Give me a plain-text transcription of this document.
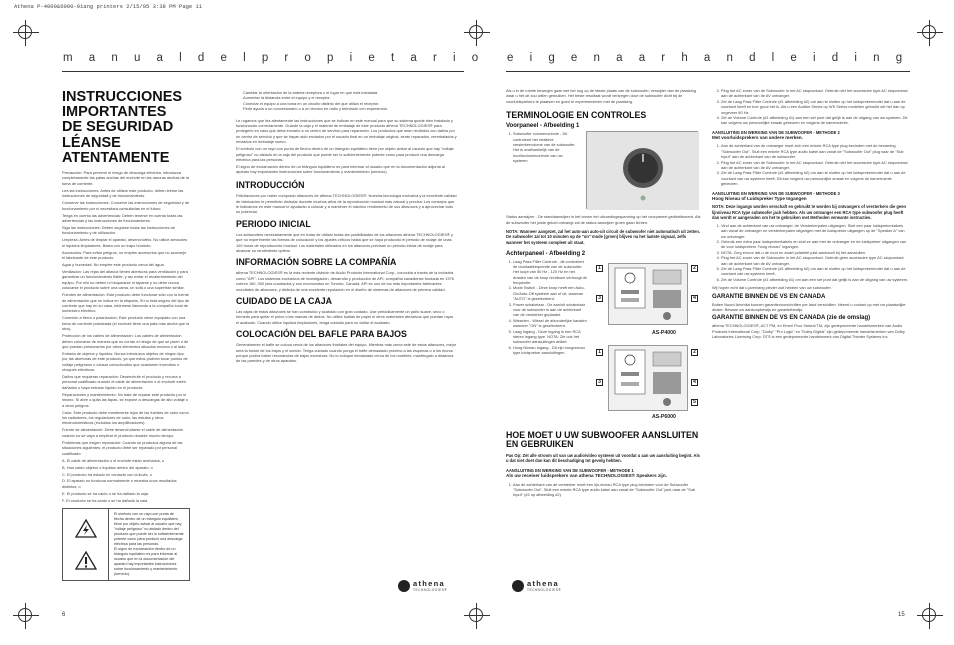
Athena P-4000&6000-91ang printers 2/15/05 3:38 PM Page 11
m a n u a l d e l p r o p i e t a r i o
INSTRUCCIONES IMPORTANTES DE SEGURIDAD LÉANSE ATENTAMENTE

Precaución: Para prevenir el riesgo de descarga eléctrica, introduzca completamente las patas anchas del enchufe en las ranuras anchas de la toma de corriente.

Lea las instrucciones: Antes de utilizar este producto, deben leerse las instrucciones de seguridad y de funcionamiento.

Conserve las instrucciones: Conserve las instrucciones de seguridad y de funcionamiento por si necesitara consultarlas en el futuro.

Tenga en cuenta las advertencias: Deben tenerse en cuenta todas las advertencias y las instrucciones de funcionamiento.

Siga las instrucciones: Deben seguirse todas las instrucciones de funcionamiento y de utilización.

Limpieza: Antes de limpiar el aparato, desenchúfelo. No utilice aerosoles ni líquidos limpiadores. Basta con un trapo húmedo.

Accesorios: Para evitar peligros, no emplee accesorios que no aconseje el fabricante de este producto.

Agua y humedad: No emplee este producto cerca del agua.

Ventilación: Las rejas del altavoz tienen aberturas para ventilación y para garantizar un funcionamiento fiable, y así evitar el recalentamiento del equipo. Por ello no deben ni bloquearse ni taparse y no debe nunca colocarse el producto sobre una cama, un sofá o una superficie similar.

Fuentes de alimentación: Este producto debe funcionar sólo con la fuente de alimentación que se indica en la etiqueta. Si no está seguro del tipo de corriente que hay en su casa, infórmese llamando a la compañía local de suministro eléctrico.

Conexión a tierra o polarización: Este producto viene equipado con una toma de corriente polarizada (el enchufe tiene una pata más ancha que la otra).

Protección de los cables de alimentación: Los cables de alimentación deben colocarse de manera que no corran el riesgo de que se pisen o de que puedan presionarlos por otros elementos situados encima o al lado.

Entrada de objetos y líquidos: Nunca introduzca objetos de ningún tipo por las aberturas de este producto, ya que estos podrían tocar puntos de voltaje peligrosos o causar cortocircuitos que ocasionen incendios o choques eléctricos.

Daños que requieran reparación: Desenchufe el producto y recurra a personal cualificado cuando el cable de alimentación o el enchufe estén dañados o haya entrado líquido en el producto.

Reparaciones y mantenimiento: No trate de reparar este producto por sí mismo. Si abre o quita las tapas, se expone a descargas de alto voltaje o a otros peligros.

Calor: Este producto debe mantenerse lejos de las fuentes de calor como los radiadores, los reguladores de calor, las estufas y otros electrodomésticos (incluidos los amplificadores).

Fuente de alimentación: Debe desenchufarse el cable de alimentación cuando no se vaya a emplear el producto durante mucho tiempo.

Problemas que exigen reparación: Cuando se produzca alguna de las situaciones siguientes, el producto debe ser reparado por personal cualificado:

A. El cable de alimentación o el enchufe están averiados, o

B. Han caído objetos o líquidos dentro del aparato, o

C. El producto ha estado en contacto con la lluvia, o

D. El aparato no funciona normalmente o muestra unos resultados distintos, o

E. El producto se ha caído o se ha dañado la caja.

F. El producto se ha caído o se ha dañado la caja.

El símbolo con un rayo con punta de flecha dentro de un triángulo equilátero tiene por objeto avisar al usuario que hay "voltaje peligroso" no aislado dentro del producto que puede ser lo suficientemente potente como para producir una descarga eléctrica para las personas.
El signo de exclamación dentro de un triángulo equilátero es para informar al usuario que en la documentación del aparato hay importantes instrucciones sobre funcionamiento y mantenimiento (servicio).
• Cambiar la orientación de la antena receptora o el lugar en que está instalada.
• Aumentar la distancia entre el equipo y el receptor.
• Conectar el equipo a una toma en un circuito distinto del que utiliza el receptor.
• Pedir ayuda a un concesionario o a un técnico en radio y televisión con experiencia.

Le rogamos que lea atentamente las instrucciones que se indican en este manual para que su sistema quede bien instalado y funcionando correctamente. Guarde la caja y el material de embalaje de este producto athena TECHNOLOGIES® para protegerlo en caso que deba enviarlo a un centro de servicio para reparación. Los productos que sean recibidos con daños por un centro de servicio y que se hayan sido enviados por el usuario final en un embalaje original, serán reparados, reembalados y enviados en embalaje nuevo.

El símbolo con un rayo con punta de flecha dentro de un triángulo equilátero tiene por objeto avisar al usuario que hay "voltaje peligroso" no aislado en la caja del producto que puede ser lo suficientemente potente como para producir una descarga eléctrica para las personas.

El signo de exclamación dentro de un triángulo equilátero es para informar al usuario que en la documentación adjunta al aparato hay importantes instrucciones sobre funcionamiento y mantenimiento (servicio).

INTRODUCCIÓN
Felicitaciones por haber comprado altavoces de athena TECHNOLOGIES®. Nuestra tecnología exclusiva y la excelente calidad de fabricación le permitirán disfrutar durante muchos años de la reproducción musical más natural y precisa. Los consejos que le indicamos en este manual le ayudarán a colocar y a mantener el máximo rendimiento de sus altavoces y a aprovechar todo su potencial.
PERIODO INICIAL
Los subwoofers necesariamente que en tratar de utilizar todas las posibilidades de los altavoces athena TECHNOLOGIES® y que no experimente las formas de colocación y los ajustes críticos hasta que se haya producido el periodo de rodaje de unas 100 horas de reproducción musical. Los materiales utilizados en los altavoces precisan un periodo inicial de rodaje para alcanzar su rendimiento óptimo.
INFORMACIÓN SOBRE LA COMPAÑÍA
athena TECHNOLOGIES® es la más reciente división de Audio Products International Corp., conocida a través de la industria como "API". Los sistemas exclusivos de investigación, desarrollo y producción de API, compañía canadiense fundada en 1976 cubren 160, 000 pies cuadrados y son reconocidos en Toronto, Canadá. API es uno de los más importantes fabricantes mundiales de altavoces, y disfruta de una excelente reputación en el diseño de sistemas de altavoces de primera calidad.
CUIDADO DE LA CAJA
Las cajas de estos altavoces se han construido y acabado con gran cuidado. Use periódicamente un paño suave, seco o húmedo para quitar el polvo o las marcas de dedos. No utilice toallas de papel ni otros materiales abrasivos que puedan rayar el acabado. Cuando utilice líquidos limpiadores, tenga cuidado para no dañar el acabado.
COLOCACIÓN DEL BAFLE PARA BAJOS
Generalmente el bafle se coloca cerca de los altavoces frontales del equipo. Mientras más cerca esté de estos altavoces, mejor será la fusión de los bajos y el sonido. Tenga cuidado cuando ponga el bafle demasiado próximo a las esquinas o a los muros porque podría haber resonancias de bajos excesivas. No lo coloque demasiado cerca de los muebles; manténgalo a distancia de las paredes y de otros aparatos.
athena
TECHNOLOGIES®
6
e i g e n a a r h a n d l e i d i n g
Als u in de ruimte bewegen gaat met het oog op de ideale plaats van de subwoofer, verwijder dan de plaatsing waar u het uit zou willen gebruiken. Het beste resultaat wordt verkregen door de subwoofer dicht bij de voorluidsprekers te plaatsen en goed te experimenteren met de plaatsing.
TERMINOLOGIE EN CONTROLES
Voorpaneel - Afbeelding 1
1. Subwoofer volumecontrole - Dit controleert het relatieve versterkervolume van de subwoofer. Het is onafhankelijk van de hoofdvolumecontrole van uw systeem.
Status aanwijzer - De standaanwijzer is het brown het uitvoedingsspanning op het voorpaneel gedistribueerd. Als de subwoofer het juiste geluid ontvangt zal de status aanwijzer groen gaan lichten.
NOTA: Wanneer aangezet, zal het auto-aan auto-uit circuit de subwoofer niet automatisch uit zetten. De subwoofer zal tot 10 minuten op de "on" mode (groen) blijven na het laatste signaal, zelfs wanneer het systeem compleet uit staat.
Achterpaneel - Afbeelding 2
1. Laag Pass Filter Controle - dit controleert de doorlaatfrequentie van de subwoofer. Het loopt van 50 Hz - 120 Hz en het draaien van de knop rechtsom verhoogt de frequentie.
2. Mode Switch - Deze knop heeft een Auto-On/Auto-Off systeem aan of uit, waarvan "AUTO" is geselecteerd.
3. Power schakelaar - De aan/uit schakelaar voor de subwoofer is aan de achterkant van de versterker geplaatst.
4. Wisselen - Wissel de afzonderlijke kanalen wanneer "ON" is geselecteerd.
5. Laag Ingang - Deze ingang is een RCA stereo ingang type. NOTA: Zie ook het subwoofer aansluitingen artikel.
6. Hoog Niveau Ingang - Dit zijn hoogniveau type luidspreker aansluitingen.
1	2
3	4
AS-P4000
1	2
3	4
5
AS-P6000
HOE MOET U UW SUBWOOFER AANSLUITEN EN GEBRUIKEN
Pas Op: Zet alle stroom uit van uw audio/video systeem uit voordat u aan uw aansluiting begint. Als u dat niet doet dan kan dit beschadiging tot gevolg hebben.
AANSLUITING EN WERKING VAN DE SUBWOOFER - METHODE 1
Als uw receiver luidsprekers van athena TECHNOLOGIES® Speakers zijn.
1. Aan de achterkant van de versterker moet een lijn-niveau RCA type plug bevinden voor de Subwoofer "Subwoofer Out". Sluit een enkele RCA type audio kabel aan vanaf de "Subwoofer Out" jack naar de "Sub Input" (#2 op afbeelding #2).
2. Plug het AC snoer van de Subwoofer in het AC stopcontact. Gebruik niet het accessoire type AC stopcontact aan de achterkant van de AV ontvanger.
3. Zet de Laag Pass Filter Controle (#1 afbeelding #2) om aan te sluiten op het luidsprekermodel dat u aan de voorkant heeft en hoe groot het is. Als u een Auditor Series op WS Series modellen gebruikt zet het dan op ongeveer 80 Hz.
4. Zet de Volume Controle (#1 afbeelding #1) aan een set punt dat gelijk is aan de uitgang van uw systeem. Dit kan volgens uw persoonlijke smaak gebeuren en volgens de kamerruimte.
AANSLUITING EN WERKING VAN DE SUBWOOFER - METHODE 2
Met voorluidsprekers van andere merken.
1. Aan de achterkant van de ontvanger moet zich een enkele RCA type plug bevinden met de benaming "Subwoofer Out". Sluit een enkele RCA type audio kabel aan vanaf de "Subwoofer Out" plug naar de "Sub Input" aan de achterkant van de subwoofer.
2. Plug het AC snoer van de Subwoofer in het AC stopcontact. Gebruik niet het accessoire type AC stopcontact aan de achterkant van de AV ontvanger.
3. Zet de Laag Pass Filter Controle (#1 afbeelding #2) om aan te sluiten op het luidsprekermodel dat u aan de voorkant van uw systeem heeft. Dit kan volgens uw persoonlijke smaak en volgens de kamerruimte gebeuren.
AANSLUITING EN WERKING VAN DE SUBWOOFER - METHODE 3
Hoog Niveau of Luidspreker Type Ingangen
NOTA: Deze ingangs worden verschaft en gebruikt te worden bij ontvangers of versterkers die geen lijnniveau RCA type subwoofer jack hebben. Als uw ontvanger een RCA type subwoofer plug heeft dan wordt er aangeraden om het te gebruiken met Methoden verwante instructies.
1. Vind aan de achterkant van uw ontvanger, de Versterkerpalen uitgangen. Sluit een paar luidsprekerkabels aan vanaf de ontvanger en versterkerpalen uitgangen met de luidspreker uitgangen op de "Speaker A" van uw ontvanger.
2. Gebruik een extra paar luidsprekerkabels en sluit ze aan met de ontvanger en de luidspreker uitgangen van de voor luidsprekers "hoog niveau" ingangen.
3. NOTA: Zorg ervoor dat u de rood en zwart polariteit juist aanhoudt bij het aansluiten.
4. Plug het AC snoer van de Subwoofer in het AC stopcontact. Gebruik geen accessoire type AC stopcontact aan de achterkant van de AV ontvanger.
5. Zet de Laag Pass Filter Controle (#1 afbeelding #2) om aan te sluiten op het luidsprekermodel dat u aan de voorkant van uw systeem heeft.
6. Zet de Volume Controle (#1 afbeelding #1) om aan een set punt dat gelijk is aan de uitgang van uw systeem.
Wij hopen echt dat u jarenlang plezier zult hebben van uw subwoofer.
GARANTIE BINNEN DE VS EN CANADA
Buiten Noord Amerika kunnen garantievoorschriften per land verschillen. Neemt u contact op met uw plaatselijke dealer. Bewaar uw aankoopbewijs en garantiebewijs.
GARANTIE BINNEN DE VS EN CANADA (zie de omslag)
athena TECHNOLOGIES®, ACT PM, en Emerl Pour Serieal TM, zijn gedeponeerde handelsmerken van Audio Products International Corp. "Dolby" "Pro Logic" en "Dolby Digital" zijn gedeponeerde handelsmerken van Dolby Laboratories Licensing Corp. DTS is een gedeponeerde handelsmerk van Digital Theater Systems Inc.
athena
TECHNOLOGIES®
15
